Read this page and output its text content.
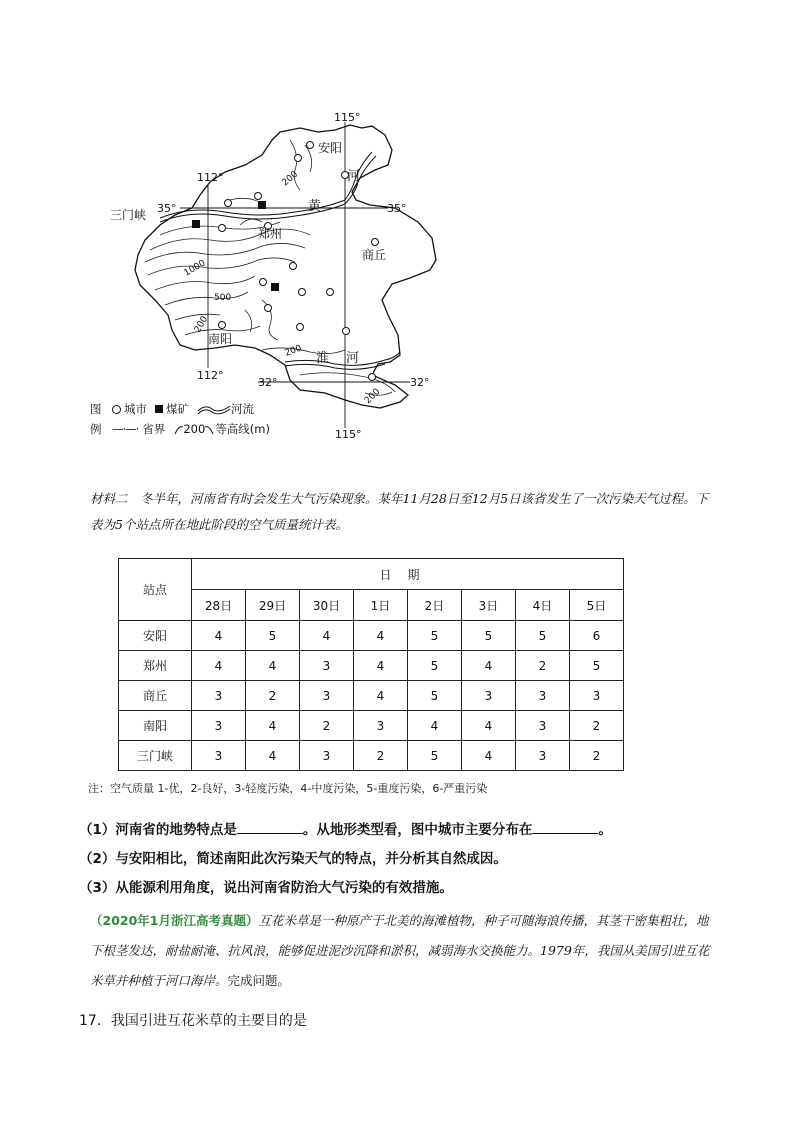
115°
115°
112°
112°
35°	35°
32°	32°
安阳
三门峡
郑州
商丘
南阳
黄
河
淮 河
200
1000
500
200
200
200
图	城市 煤矿	河流
例 —·—· 省界 200 等高线(m)

材料二　冬半年，河南省有时会发生大气污染现象。某年11月28日至12月5日该省发生了一次污染天气过程。下表为5个站点所在地此阶段的空气质量统计表。

站点	日期							
	28日	29日	30日	1日	2日	3日	4日	5日
安阳	4	5	4	4	5	5	5	6
郑州	4	4	3	4	5	4	2	5
商丘	3	2	3	4	5	3	3	3
南阳	3	4	2	3	4	4	3	2
三门峡	3	4	3	2	5	4	3	2
注：空气质量 1-优，2-良好，3-轻度污染，4-中度污染，5-重度污染，6-严重污染
（1）河南省的地势特点是	。从地形类型看，图中城市主要分布在	。
（2）与安阳相比，简述南阳此次污染天气的特点，并分析其自然成因。
（3）从能源利用角度，说出河南省防治大气污染的有效措施。

（2020年1月浙江高考真题）互花米草是一种原产于北美的海滩植物，种子可随海浪传播，其茎干密集粗壮，地下根茎发达，耐盐耐淹、抗风浪，能够促进泥沙沉降和淤积，减弱海水交换能力。1979年，我国从美国引进互花米草并种植于河口海岸。完成问题。

17．我国引进互花米草的主要目的是
